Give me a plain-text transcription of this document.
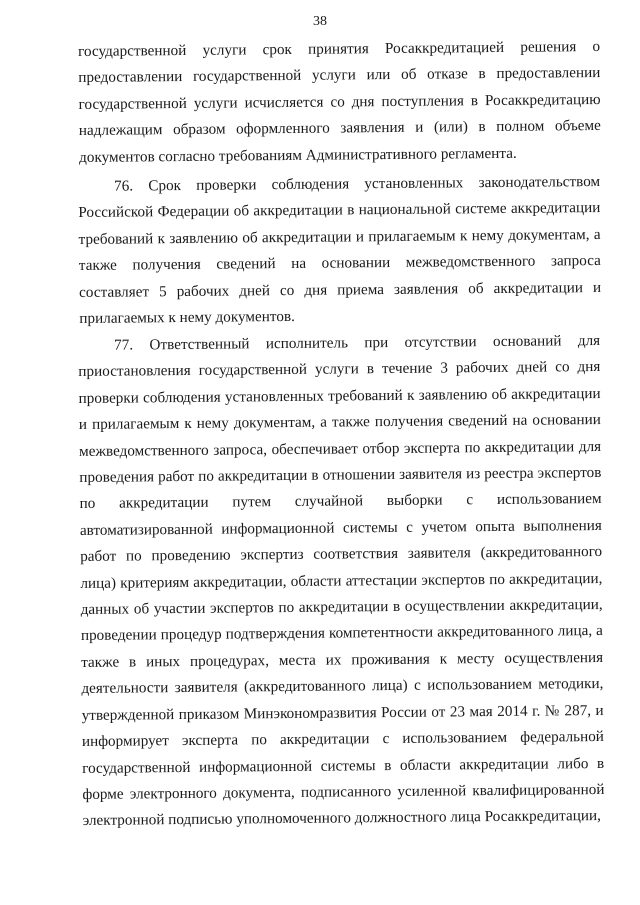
38

государственной услуги срок принятия Росаккредитацией решения о предоставлении государственной услуги или об отказе в предоставлении государственной услуги исчисляется со дня поступления в Росаккредитацию надлежащим образом оформленного заявления и (или) в полном объеме документов согласно требованиям Административного регламента.

76. Срок проверки соблюдения установленных законодательством Российской Федерации об аккредитации в национальной системе аккредитации требований к заявлению об аккредитации и прилагаемым к нему документам, а также получения сведений на основании межведомственного запроса составляет 5 рабочих дней со дня приема заявления об аккредитации и прилагаемых к нему документов.

77. Ответственный исполнитель при отсутствии оснований для приостановления государственной услуги в течение 3 рабочих дней со дня проверки соблюдения установленных требований к заявлению об аккредитации и прилагаемым к нему документам, а также получения сведений на основании межведомственного запроса, обеспечивает отбор эксперта по аккредитации для проведения работ по аккредитации в отношении заявителя из реестра экспертов по аккредитации путем случайной выборки с использованием автоматизированной информационной системы с учетом опыта выполнения работ по проведению экспертиз соответствия заявителя (аккредитованного лица) критериям аккредитации, области аттестации экспертов по аккредитации, данных об участии экспертов по аккредитации в осуществлении аккредитации, проведении процедур подтверждения компетентности аккредитованного лица, а также в иных процедурах, места их проживания к месту осуществления деятельности заявителя (аккредитованного лица) с использованием методики, утвержденной приказом Минэкономразвития России от 23 мая 2014 г. № 287, и информирует эксперта по аккредитации с использованием федеральной государственной информационной системы в области аккредитации либо в форме электронного документа, подписанного усиленной квалифицированной электронной подписью уполномоченного должностного лица Росаккредитации,
